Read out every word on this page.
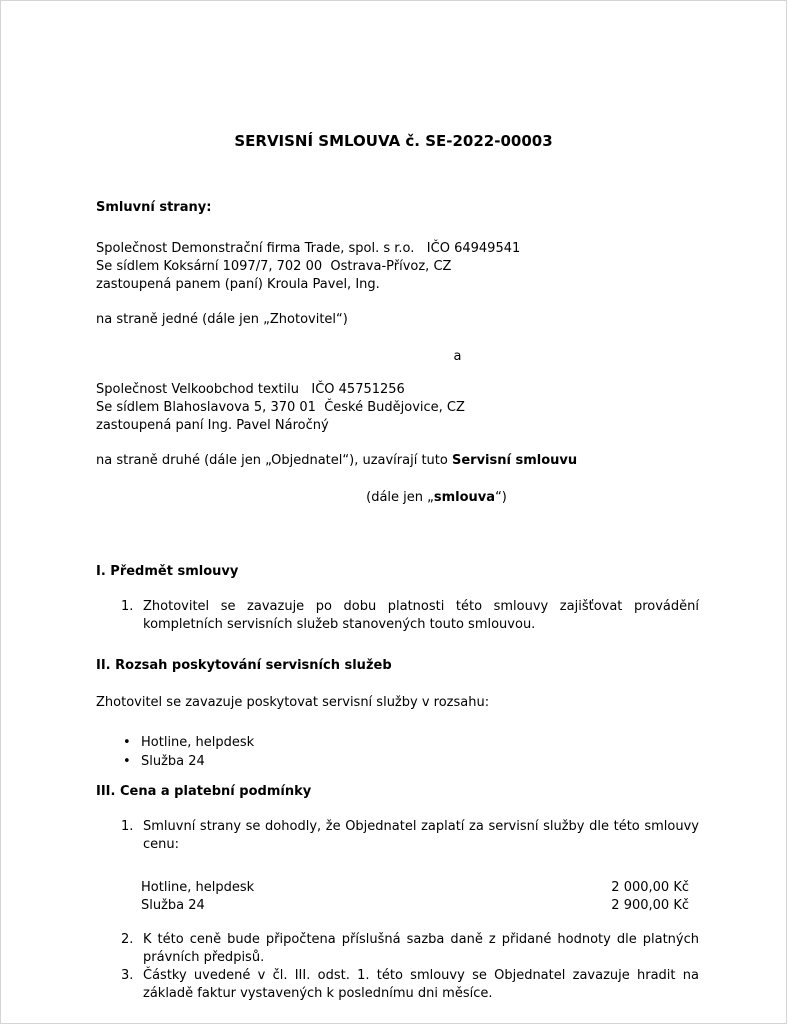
SERVISNÍ SMLOUVA č. SE-2022-00003
Smluvní strany:
Společnost Demonstrační firma Trade, spol. s r.o.   IČO 64949541
Se sídlem Koksární 1097/7, 702 00  Ostrava-Přívoz, CZ
zastoupená panem (paní) Kroula Pavel, Ing.
na straně jedné (dále jen „Zhotovitel“)
a
Společnost Velkoobchod textilu   IČO 45751256
Se sídlem Blahoslavova 5, 370 01  České Budějovice, CZ
zastoupená paní Ing. Pavel Náročný
na straně druhé (dále jen „Objednatel“), uzavírají tuto Servisní smlouvu
(dále jen „smlouva“)
I. Předmět smlouvy
1. Zhotovitel se zavazuje po dobu platnosti této smlouvy zajišťovat provádění kompletních servisních služeb stanovených touto smlouvou.
II. Rozsah poskytování servisních služeb
Zhotovitel se zavazuje poskytovat servisní služby v rozsahu:
• Hotline, helpdesk
• Služba 24
III. Cena a platební podmínky
1. Smluvní strany se dohodly, že Objednatel zaplatí za servisní služby dle této smlouvy cenu:
Hotline, helpdesk	2 000,00 Kč
Služba 24	2 900,00 Kč
2. K této ceně bude připočtena příslušná sazba daně z přidané hodnoty dle platných právních předpisů.
3. Částky uvedené v čl. III. odst. 1. této smlouvy se Objednatel zavazuje hradit na základě faktur vystavených k poslednímu dni měsíce.
